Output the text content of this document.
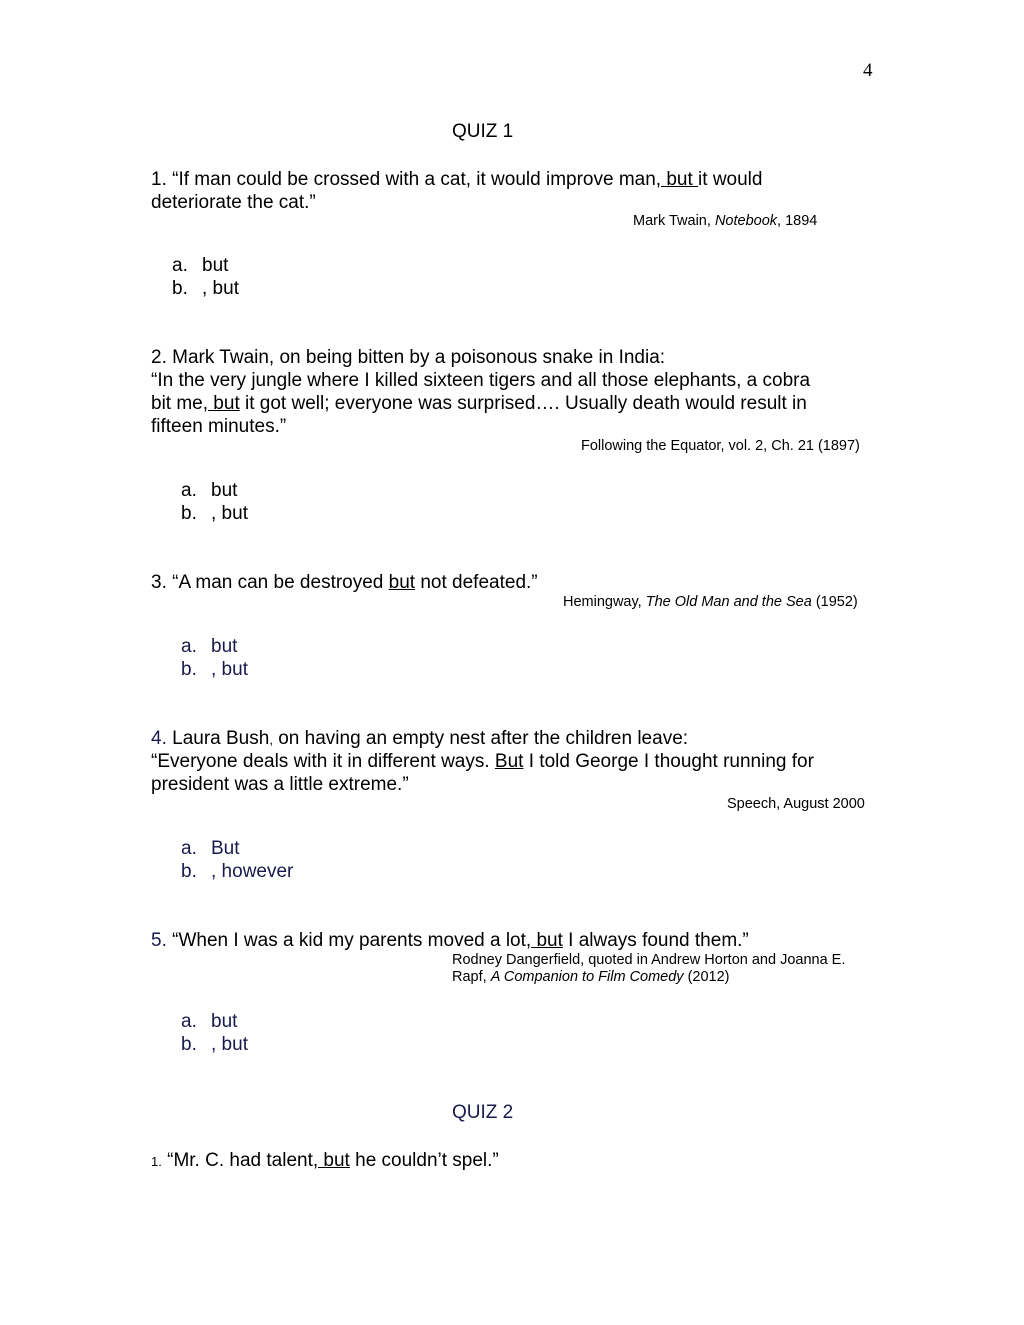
4
QUIZ 1
1. “If man could be crossed with a cat, it would improve man, but it would
deteriorate the cat.”
Mark Twain, Notebook, 1894
a. but
b. , but
2. Mark Twain, on being bitten by a poisonous snake in India:
“In the very jungle where I killed sixteen tigers and all those elephants, a cobra
bit me, but it got well; everyone was surprised…. Usually death would result in
fifteen minutes.”
Following the Equator, vol. 2, Ch. 21 (1897)
a. but
b. , but
3. “A man can be destroyed but not defeated.”
Hemingway, The Old Man and the Sea (1952)
a. but
b. , but
4. Laura Bush, on having an empty nest after the children leave:
“Everyone deals with it in different ways. But I told George I thought running for
president was a little extreme.”
Speech, August 2000
a. But
b. , however
5. “When I was a kid my parents moved a lot, but I always found them.”
Rodney Dangerfield, quoted in Andrew Horton and Joanna E.
Rapf, A Companion to Film Comedy (2012)
a. but
b. , but
QUIZ 2
1. “Mr. C. had talent, but he couldn’t spel.”
